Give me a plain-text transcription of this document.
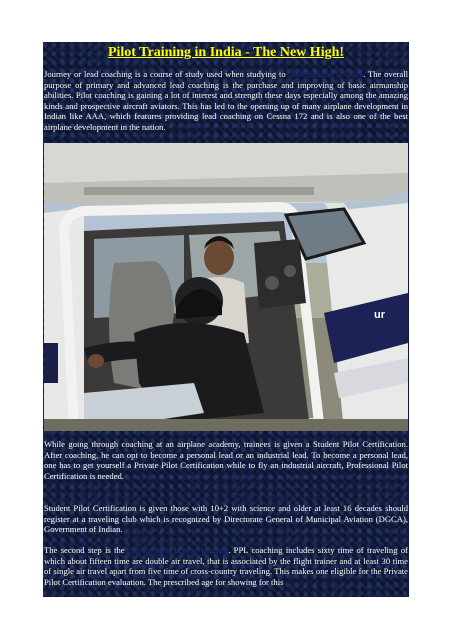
Pilot Training in India - The New High!

Journey or lead coaching is a course of study used when studying to pilot training in india. The overall purpose of primary and advanced lead coaching is the purchase and improving of basic airmanship abilities. Pilot coaching is gaining a lot of interest and strength these days especially among the amazing kinds and prospective aircraft aviators. This has led to the opening up of many airplane development in Indian like AAA, which features providing lead coaching on Cessna 172 and is also one of the best airplane development in the nation.

ur

While going through coaching at an airplane academy, trainees is given a Student Pilot Certification. After coaching, he can opt to become a personal lead or an industrial lead. To become a personal lead, one has to get yourself a Private Pilot Certification while to fly an industrial aircraft, Professional Pilot Certification is needed.

Student Pilot Certification is given those with 10+2 with science and older at least 16 decades should register at a traveling club which is recognized by Directorate General of Municipal Aviation (DGCA), Government of Indian.

The second step is the private pilot license training. PPL coaching includes sixty time of traveling of which about fifteen time are double air travel, that is associated by the flight trainer and at least 30 time of single air travel apart from five time of cross-country traveling. This makes one eligible for the Private Pilot Certification evaluation. The prescribed age for showing for this
